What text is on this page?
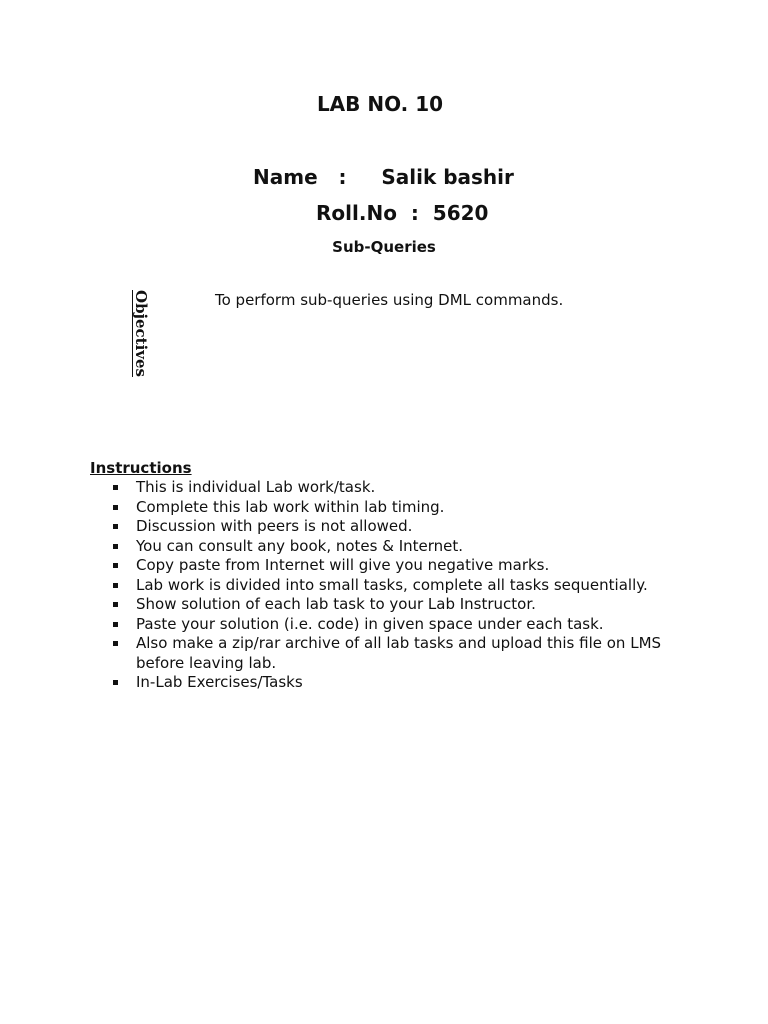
LAB NO. 10
Name   :     Salik bashir
Roll.No  :  5620
Sub-Queries
Objectives	To perform sub-queries using DML commands.
Instructions
This is individual Lab work/task.
Complete this lab work within lab timing.
Discussion with peers is not allowed.
You can consult any book, notes & Internet.
Copy paste from Internet will give you negative marks.
Lab work is divided into small tasks, complete all tasks sequentially.
Show solution of each lab task to your Lab Instructor.
Paste your solution (i.e. code) in given space under each task.
Also make a zip/rar archive of all lab tasks and upload this file on LMS before leaving lab.
In-Lab Exercises/Tasks
